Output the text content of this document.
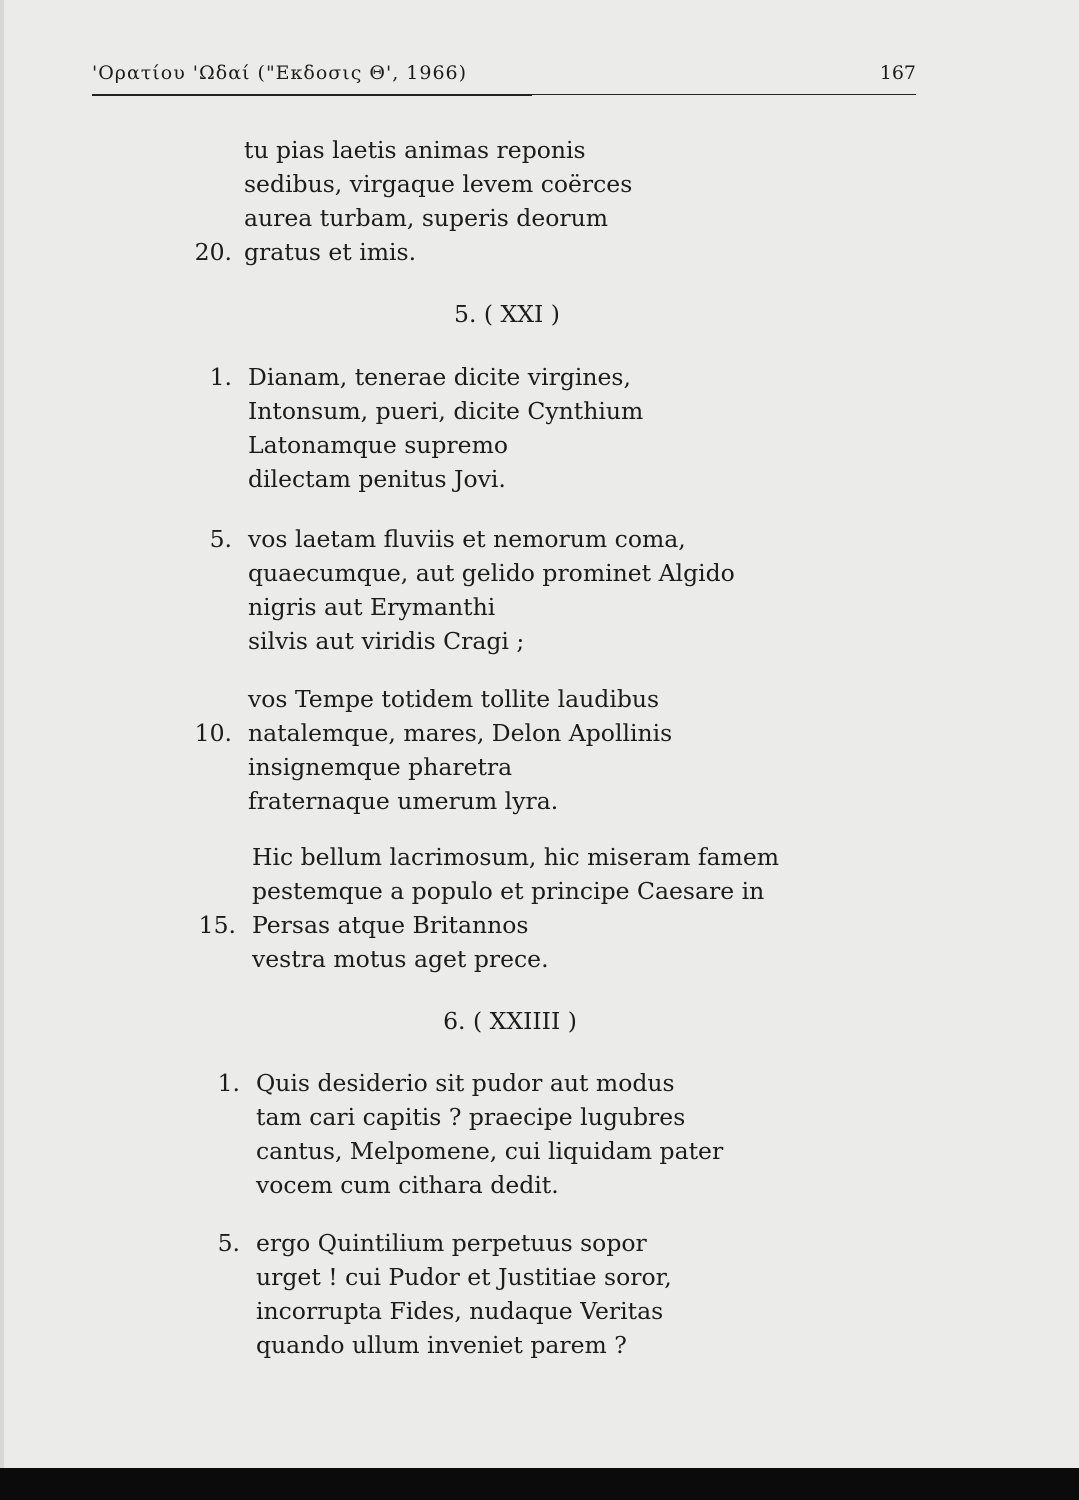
'Ορατίου 'Ωδαί ("Εκδοσις Θ', 1966)	167
tu pias laetis animas reponis
sedibus, virgaque levem coërces
aurea turbam, superis deorum
20. gratus et imis.
5. ( XXI )
1. Dianam, tenerae dicite virgines,
Intonsum, pueri, dicite Cynthium
Latonamque supremo
dilectam penitus Jovi.
5. vos laetam fluviis et nemorum coma,
quaecumque, aut gelido prominet Algido
nigris aut Erymanthi
silvis aut viridis Cragi ;
vos Tempe totidem tollite laudibus
10. natalemque, mares, Delon Apollinis
insignemque pharetra
fraternaque umerum lyra.
Hic bellum lacrimosum, hic miseram famem
pestemque a populo et principe Caesare in
15. Persas atque Britannos
vestra motus aget prece.
6. ( XXIIII )
1. Quis desiderio sit pudor aut modus
tam cari capitis ? praecipe lugubres
cantus, Melpomene, cui liquidam pater
vocem cum cithara dedit.
5. ergo Quintilium perpetuus sopor
urget ! cui Pudor et Justitiae soror,
incorrupta Fides, nudaque Veritas
quando ullum inveniet parem ?
